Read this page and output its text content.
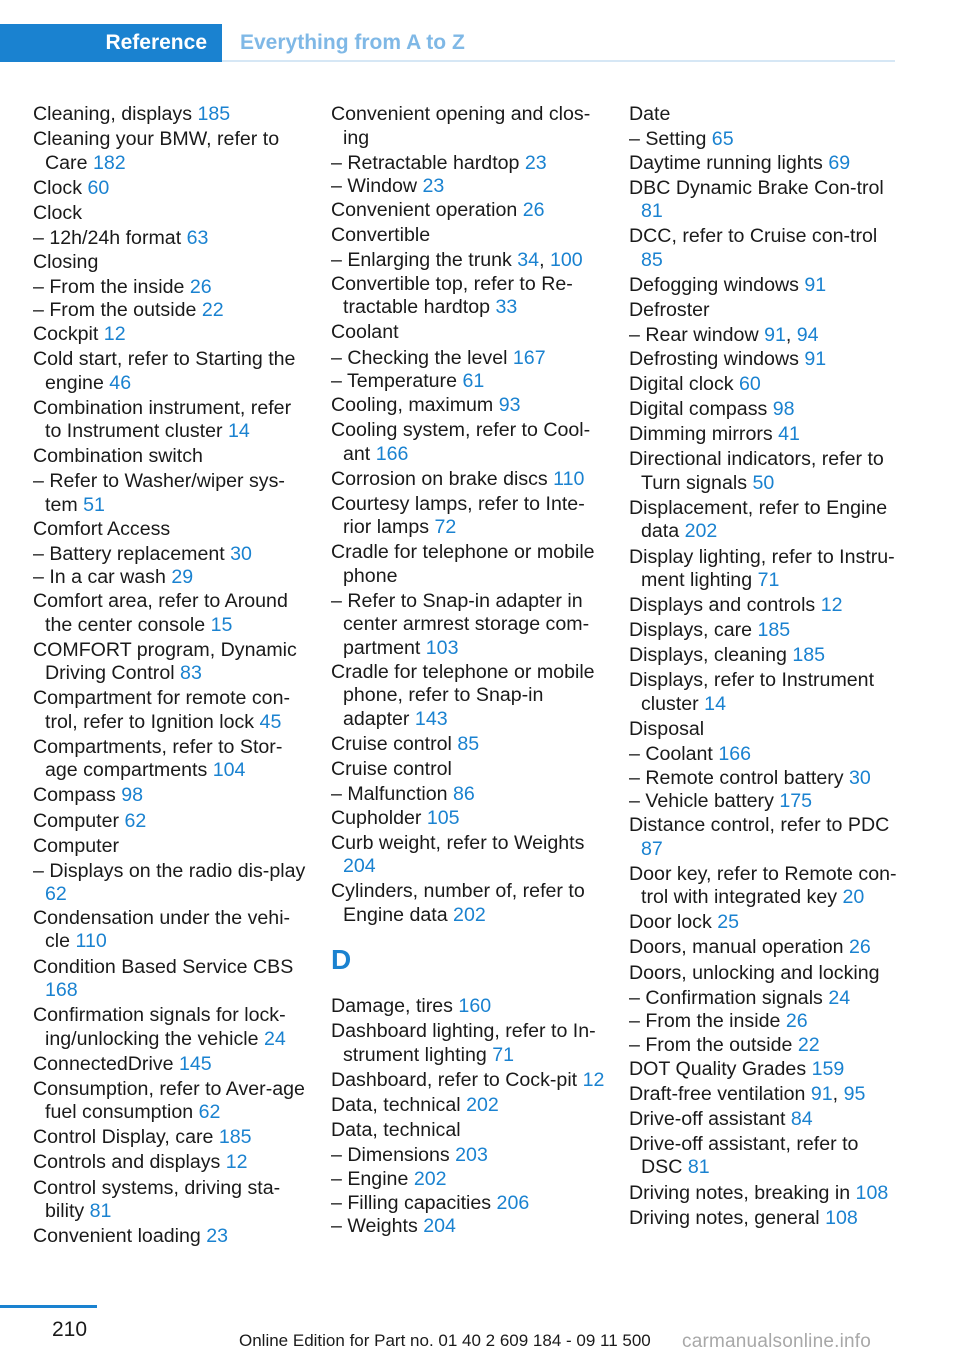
Reference	Everything from A to Z
Cleaning, displays 185
Cleaning your BMW, refer to Care 182
Clock 60
Clock
– 12h/24h format 63
Closing
– From the inside 26
– From the outside 22
Cockpit 12
Cold start, refer to Starting the engine 46
Combination instrument, refer to Instrument cluster 14
Combination switch
– Refer to Washer/wiper sys-tem 51
Comfort Access
– Battery replacement 30
– In a car wash 29
Comfort area, refer to Around the center console 15
COMFORT program, Dynamic Driving Control 83
Compartment for remote con-trol, refer to Ignition lock 45
Compartments, refer to Stor-age compartments 104
Compass 98
Computer 62
Computer
– Displays on the radio dis-play 62
Condensation under the vehi-cle 110
Condition Based Service CBS 168
Confirmation signals for lock-ing/unlocking the vehicle 24
ConnectedDrive 145
Consumption, refer to Aver-age fuel consumption 62
Control Display, care 185
Controls and displays 12
Control systems, driving sta-bility 81
Convenient loading 23
Convenient opening and clos-ing
– Retractable hardtop 23
– Window 23
Convenient operation 26
Convertible
– Enlarging the trunk 34, 100
Convertible top, refer to Re-tractable hardtop 33
Coolant
– Checking the level 167
– Temperature 61
Cooling, maximum 93
Cooling system, refer to Cool-ant 166
Corrosion on brake discs 110
Courtesy lamps, refer to Inte-rior lamps 72
Cradle for telephone or mobile phone
– Refer to Snap-in adapter in center armrest storage com-partment 103
Cradle for telephone or mobile phone, refer to Snap-in adapter 143
Cruise control 85
Cruise control
– Malfunction 86
Cupholder 105
Curb weight, refer to Weights 204
Cylinders, number of, refer to Engine data 202
D
Damage, tires 160
Dashboard lighting, refer to In-strument lighting 71
Dashboard, refer to Cock-pit 12
Data, technical 202
Data, technical
– Dimensions 203
– Engine 202
– Filling capacities 206
– Weights 204
Date
– Setting 65
Daytime running lights 69
DBC Dynamic Brake Con-trol 81
DCC, refer to Cruise con-trol 85
Defogging windows 91
Defroster
– Rear window 91, 94
Defrosting windows 91
Digital clock 60
Digital compass 98
Dimming mirrors 41
Directional indicators, refer to Turn signals 50
Displacement, refer to Engine data 202
Display lighting, refer to Instru-ment lighting 71
Displays and controls 12
Displays, care 185
Displays, cleaning 185
Displays, refer to Instrument cluster 14
Disposal
– Coolant 166
– Remote control battery 30
– Vehicle battery 175
Distance control, refer to PDC 87
Door key, refer to Remote con-trol with integrated key 20
Door lock 25
Doors, manual operation 26
Doors, unlocking and locking
– Confirmation signals 24
– From the inside 26
– From the outside 22
DOT Quality Grades 159
Draft-free ventilation 91, 95
Drive-off assistant 84
Drive-off assistant, refer to DSC 81
Driving notes, breaking in 108
Driving notes, general 108
210	Online Edition for Part no. 01 40 2 609 184 - 09 11 500 carmanualsonline.info
